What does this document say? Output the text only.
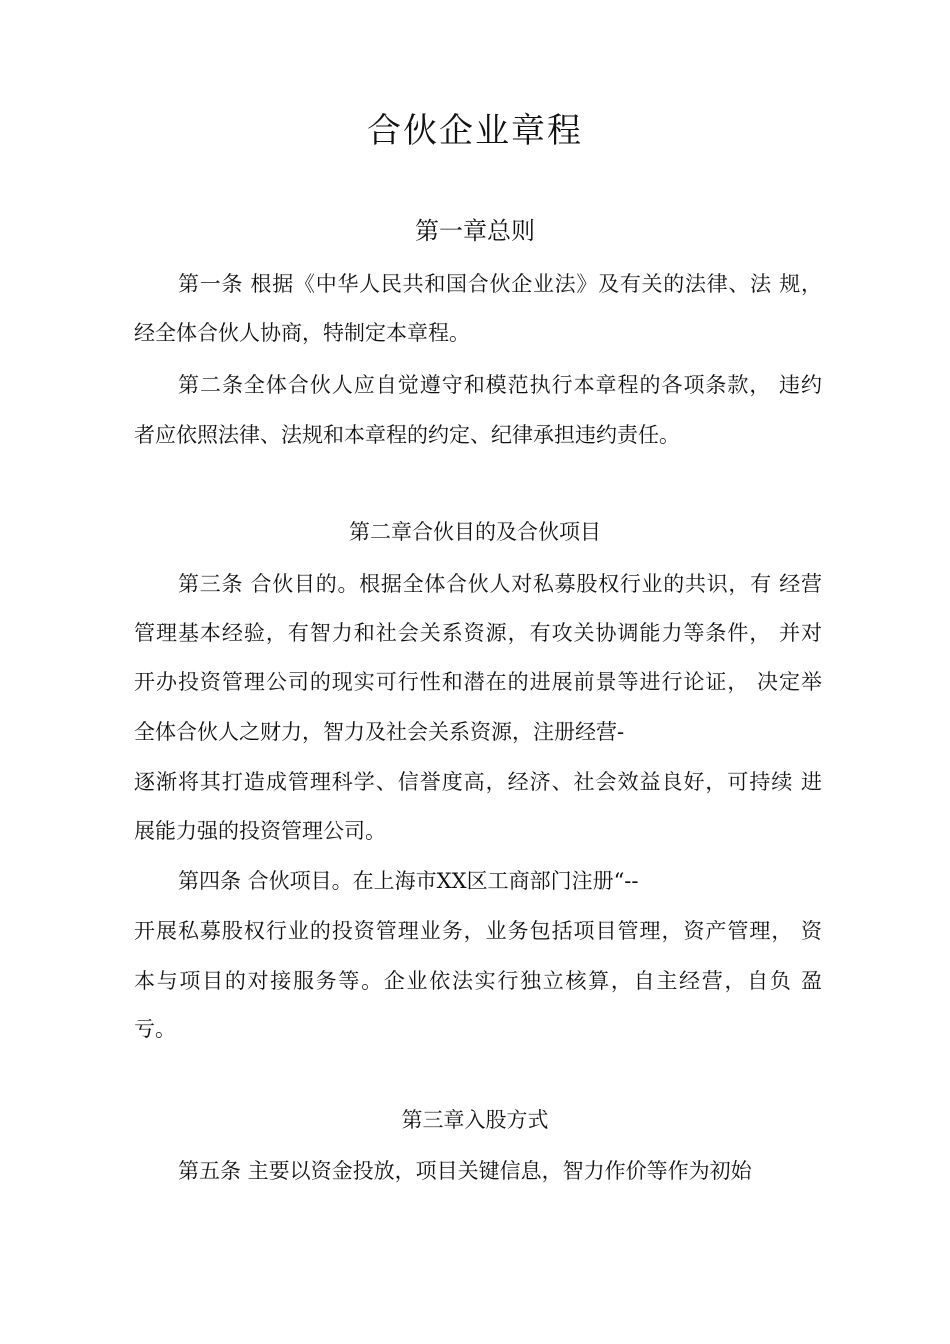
合伙企业章程
第一章总则
第一条 根据《中华人民共和国合伙企业法》及有关的法律、法 规，
经全体合伙人协商，特制定本章程。
第二条全体合伙人应自觉遵守和模范执行本章程的各项条款， 违约
者应依照法律、法规和本章程的约定、纪律承担违约责任。
第二章合伙目的及合伙项目
第三条 合伙目的。根据全体合伙人对私募股权行业的共识，有 经营
管理基本经验，有智力和社会关系资源，有攻关协调能力等条件， 并对
开办投资管理公司的现实可行性和潜在的进展前景等进行论证， 决定举
全体合伙人之财力，智力及社会关系资源，注册经营-
逐渐将其打造成管理科学、信誉度高，经济、社会效益良好，可持续 进
展能力强的投资管理公司。
第四条 合伙项目。在上海市XX区工商部门注册“--
开展私募股权行业的投资管理业务，业务包括项目管理，资产管理， 资
本与项目的对接服务等。企业依法实行独立核算，自主经营，自负 盈
亏。
第三章入股方式
第五条 主要以资金投放，项目关键信息，智力作价等作为初始
